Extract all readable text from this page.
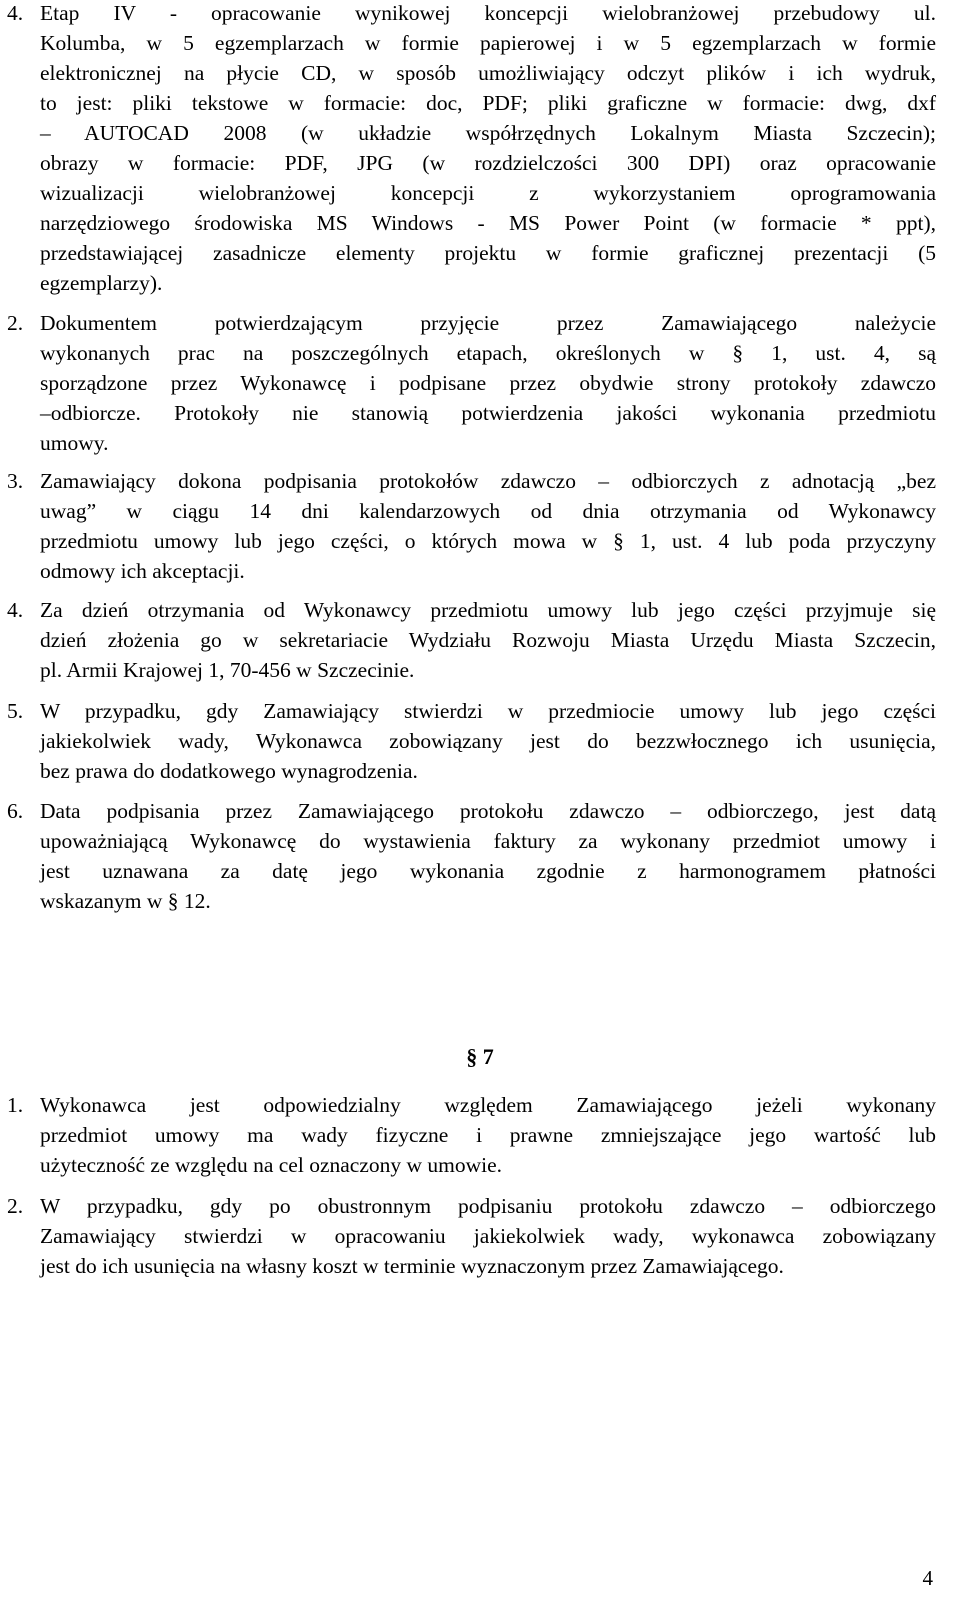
4. Etap IV - opracowanie wynikowej koncepcji wielobranżowej przebudowy ul.
Kolumba, w 5 egzemplarzach w formie papierowej i w 5 egzemplarzach w formie
elektronicznej na płycie CD, w sposób umożliwiający odczyt plików i ich wydruk,
to jest: pliki tekstowe w formacie: doc, PDF; pliki graficzne w formacie: dwg, dxf
– AUTOCAD 2008 (w układzie współrzędnych Lokalnym Miasta Szczecin);
obrazy w formacie: PDF, JPG (w rozdzielczości 300 DPI) oraz opracowanie
wizualizacji wielobranżowej koncepcji z wykorzystaniem oprogramowania
narzędziowego środowiska MS Windows - MS Power Point (w formacie * ppt),
przedstawiającej zasadnicze elementy projektu w formie graficznej prezentacji (5
egzemplarzy).
2. Dokumentem potwierdzającym przyjęcie przez Zamawiającego należycie
wykonanych prac na poszczególnych etapach, określonych w § 1, ust. 4, są
sporządzone przez Wykonawcę i podpisane przez obydwie strony protokoły zdawczo
–odbiorcze. Protokoły nie stanowią potwierdzenia jakości wykonania przedmiotu
umowy.
3. Zamawiający dokona podpisania protokołów zdawczo – odbiorczych z adnotacją „bez
uwag” w ciągu 14 dni kalendarzowych od dnia otrzymania od Wykonawcy
przedmiotu umowy lub jego części, o których mowa w § 1, ust. 4 lub poda przyczyny
odmowy ich akceptacji.
4. Za dzień otrzymania od Wykonawcy przedmiotu umowy lub jego części przyjmuje się
dzień złożenia go w sekretariacie Wydziału Rozwoju Miasta Urzędu Miasta Szczecin,
pl. Armii Krajowej 1, 70-456 w Szczecinie.
5. W przypadku, gdy Zamawiający stwierdzi w przedmiocie umowy lub jego części
jakiekolwiek wady, Wykonawca zobowiązany jest do bezzwłocznego ich usunięcia,
bez prawa do dodatkowego wynagrodzenia.
6. Data podpisania przez Zamawiającego protokołu zdawczo – odbiorczego, jest datą
upoważniającą Wykonawcę do wystawienia faktury za wykonany przedmiot umowy i
jest uznawana za datę jego wykonania zgodnie z harmonogramem płatności
wskazanym w § 12.
§ 7
1. Wykonawca jest odpowiedzialny względem Zamawiającego jeżeli wykonany
przedmiot umowy ma wady fizyczne i prawne zmniejszające jego wartość lub
użyteczność ze względu na cel oznaczony w umowie.
2. W przypadku, gdy po obustronnym podpisaniu protokołu zdawczo – odbiorczego
Zamawiający stwierdzi w opracowaniu jakiekolwiek wady, wykonawca zobowiązany
jest do ich usunięcia na własny koszt w terminie wyznaczonym przez Zamawiającego.
4
